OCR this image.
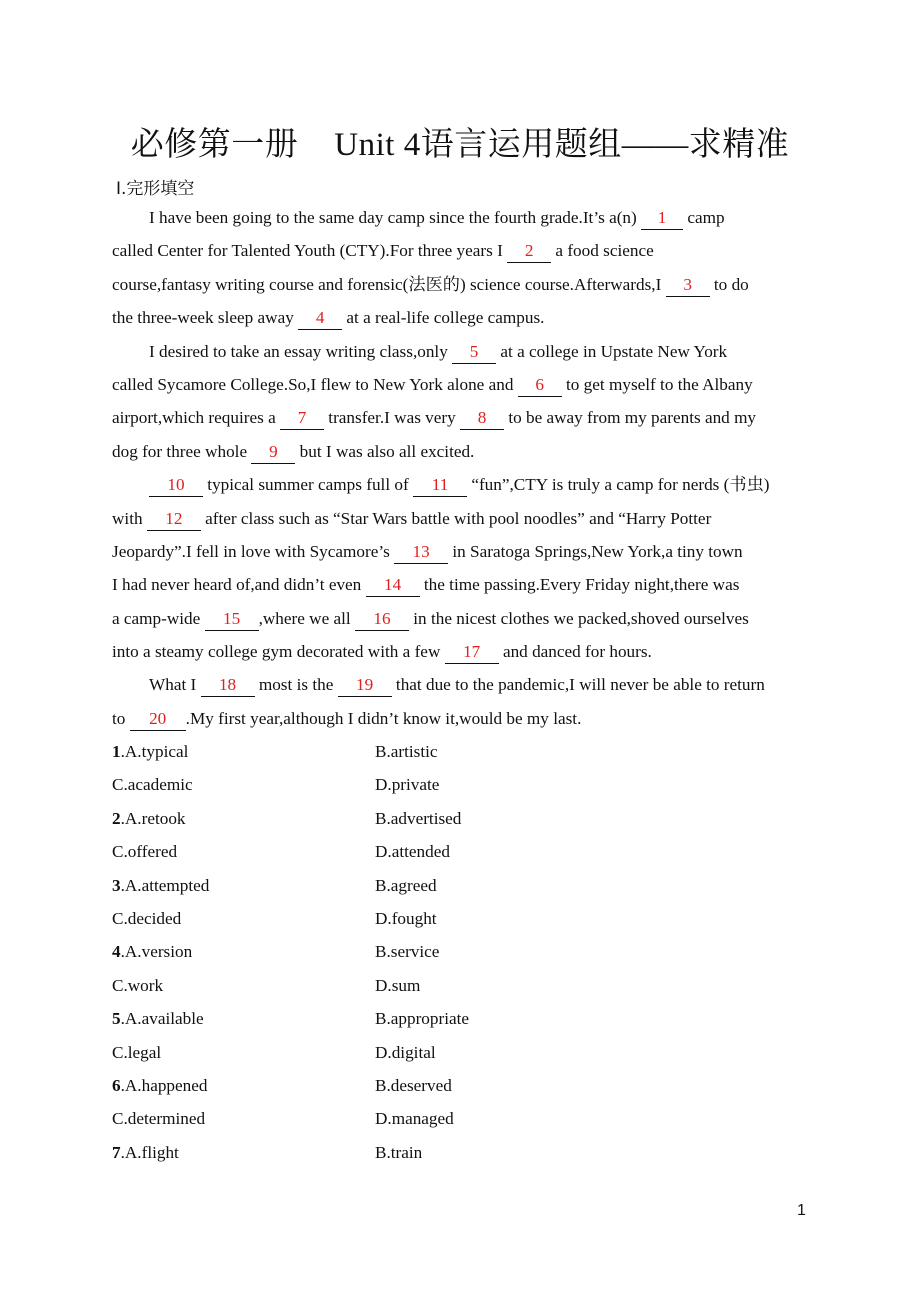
必修第一册 Unit 4语言运用题组——求精准
Ⅰ.完形填空
I have been going to the same day camp since the fourth grade.It’s a(n) 1 camp
called Center for Talented Youth (CTY).For three years I 2 a food science
course,fantasy writing course and forensic(法医的) science course.Afterwards,I 3 to do
the three-week sleep away 4 at a real-life college campus.
I desired to take an essay writing class,only 5 at a college in Upstate New York
called Sycamore College.So,I flew to New York alone and 6 to get myself to the Albany
airport,which requires a 7 transfer.I was very 8 to be away from my parents and my
dog for three whole 9 but I was also all excited.
10 typical summer camps full of 11 “fun”,CTY is truly a camp for nerds (书虫)
with 12 after class such as “Star Wars battle with pool noodles” and “Harry Potter
Jeopardy”.I fell in love with Sycamore’s 13 in Saratoga Springs,New York,a tiny town
I had never heard of,and didn’t even 14 the time passing.Every Friday night,there was
a camp-wide 15 ,where we all 16 in the nicest clothes we packed,shoved ourselves
into a steamy college gym decorated with a few 17 and danced for hours.
What I 18 most is the 19 that due to the pandemic,I will never be able to return
to 20 .My first year,although I didn’t know it,would be my last.
1.A.typical	B.artistic
C.academic	D.private
2.A.retook	B.advertised
C.offered	D.attended
3.A.attempted	B.agreed
C.decided	D.fought
4.A.version	B.service
C.work	D.sum
5.A.available	B.appropriate
C.legal	D.digital
6.A.happened	B.deserved
C.determined	D.managed
7.A.flight	B.train
1
